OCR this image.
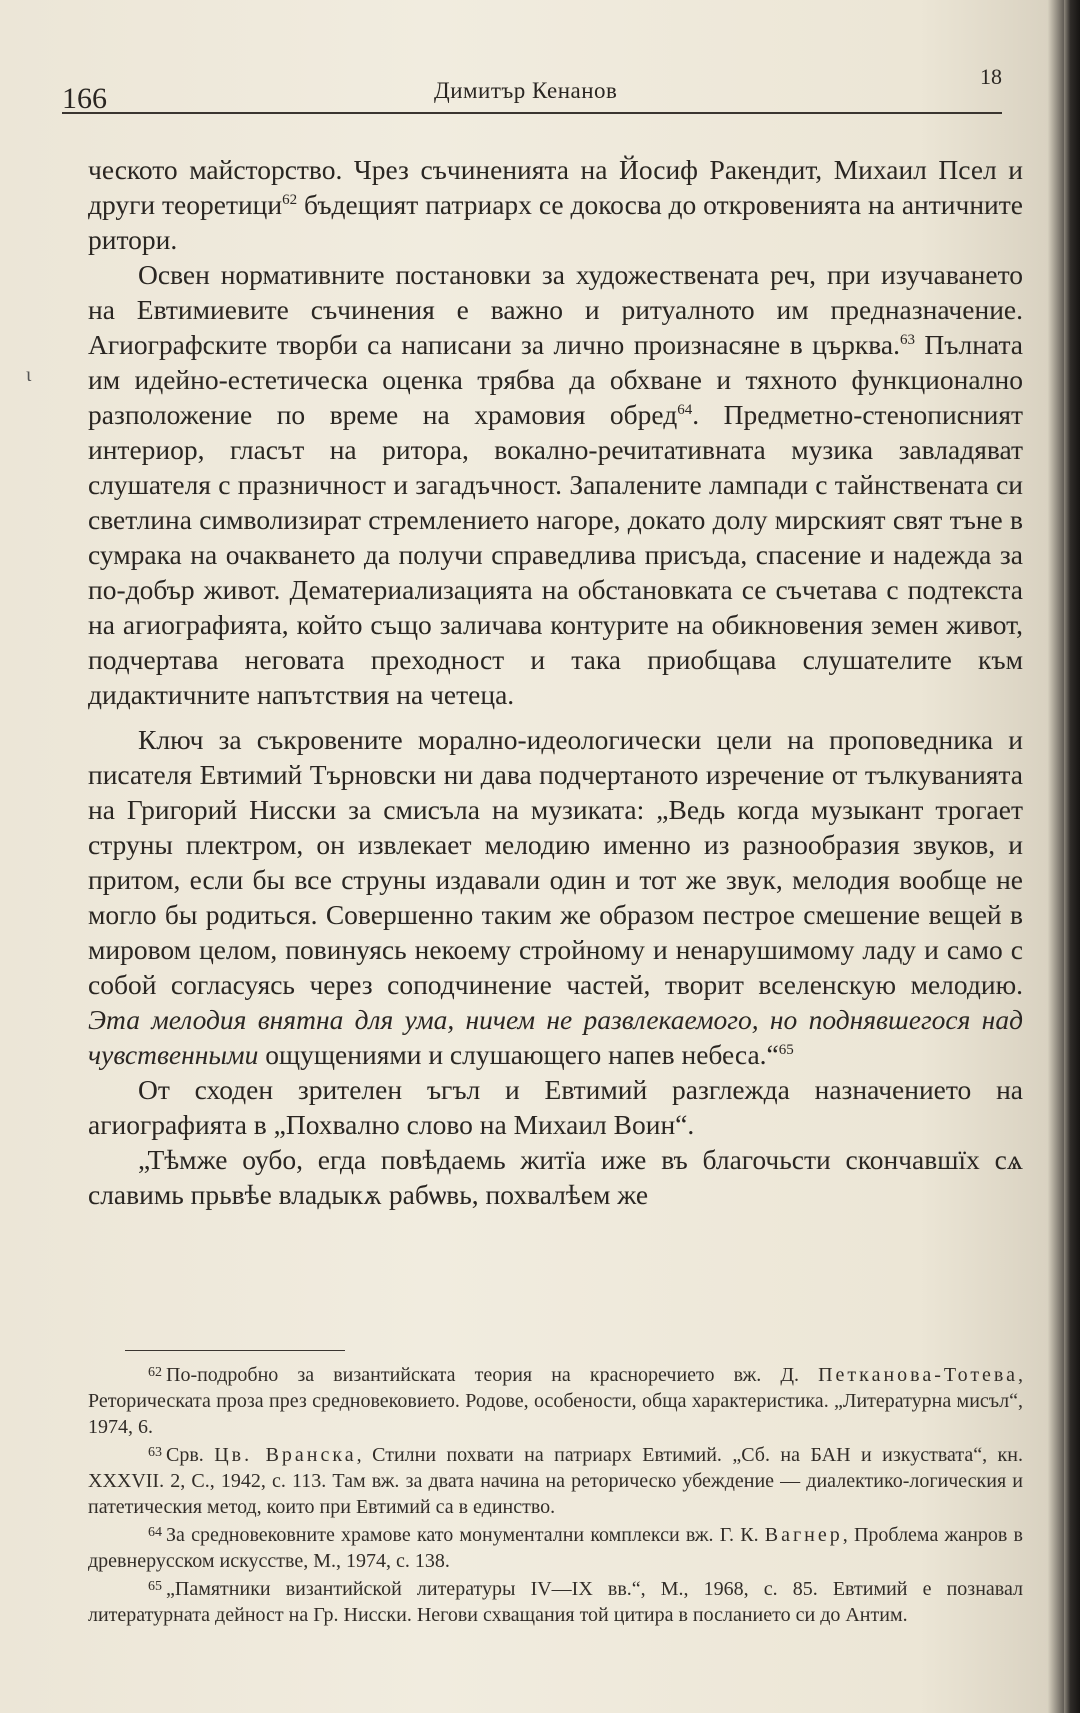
166	Димитър Кенанов
18
ι

ческото майсторство. Чрез съчиненията на Йосиф Ракендит, Михаил Псел и други теоретици$^{62}$ бъдещият патриарх се докосва до откровенията на античните ритори.

Освен нормативните постановки за художествената реч, при изучаването на Евтимиевите съчинения е важно и ритуалното им предназначение. Агиографските творби са написани за лично произнасяне в църква.$^{63}$ Пълната им идейно-естетическа оценка трябва да обхване и тяхното функционално разположение по време на храмовия обред$^{64}$. Предметно-стенописният интериор, гласът на ритора, вокално-речитативната музика завладяват слушателя с празничност и загадъчност. Запалените лампади с тайнствената си светлина символизират стремлението нагоре, докато долу мирският свят тъне в сумрака на очакването да получи справедлива присъда, спасение и надежда за по-добър живот. Дематериализацията на обстановката се съчетава с подтекста на агиографията, който също заличава контурите на обикновения земен живот, подчертава неговата преходност и така приобщава слушателите към дидактичните напътствия на четеца.

Ключ за съкровените морално-идеологически цели на проповедника и писателя Евтимий Търновски ни дава подчертаното изречение от тълкуванията на Григорий Нисски за смисъла на музиката: „Ведь когда музыкант трогает струны плектром, он извлекает мелодию именно из разнообразия звуков, и притом, если бы все струны издавали один и тот же звук, мелодия вообще не могло бы родиться. Совершенно таким же образом пестрое смешение вещей в мировом целом, повинуясь некоему стройному и ненарушимому ладу и само с собой согласуясь через соподчинение частей, творит вселенскую мелодию. Эта мелодия внятна для ума, ничем не развлекаемого, но поднявшегося над чувственными ощущениями и слушающего напев небеса.“$^{65}$

От сходен зрителен ъгъл и Евтимий разглежда назначението на агиографията в „Похвално слово на Михаил Воин“.

„Тѣмже оубо, егда повѣдаемь житїа иже въ благочьсти скончавшїх сѧ славимь прьвѣе владыкѫ рабѡвь, похвалѣем же

$^{62}$ По-подробно за византийската теория на красноречието вж. Д. Петканова-Тотева, Реторическата проза през средновековието. Родове, особености, обща характеристика. „Литературна мисъл“, 1974, 6.

$^{63}$ Срв. Цв. Вранска, Стилни похвати на патриарх Евтимий. „Сб. на БАН и изкуствата“, кн. XXXVII. 2, С., 1942, с. 113. Там вж. за двата начина на реторическо убеждение — диалектико-логическия и патетическия метод, които при Евтимий са в единство.

$^{64}$ За средновековните храмове като монументални комплекси вж. Г. К. Вагнер, Проблема жанров в древнерусском искусстве, М., 1974, с. 138.

$^{65}$ „Памятники византийской литературы IV—IX вв.“, М., 1968, с. 85. Евтимий е познавал литературната дейност на Гр. Нисски. Негови схващания той цитира в посланието си до Антим.
